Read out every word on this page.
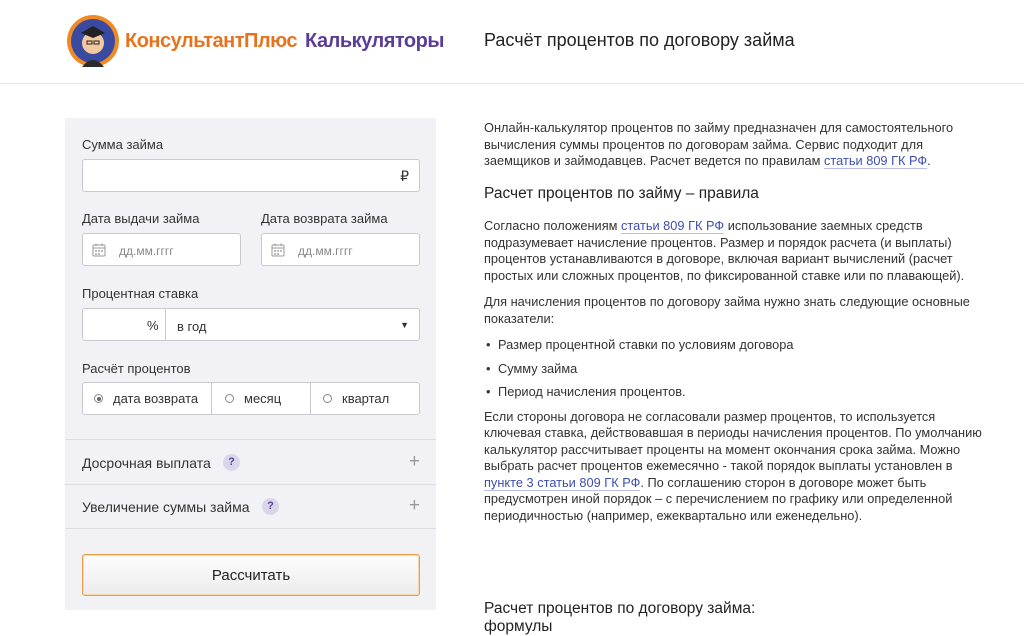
КонсультантПлюс Калькуляторы Расчёт процентов по договору займа
Сумма займа
₽
Дата выдачи займа
дд.мм.гггг
Дата возврата займа
дд.мм.гггг
Процентная ставка
% в год	▼
Расчёт процентов
дата возврата	месяц	квартал
Досрочная выплата	?	+
Увеличение суммы займа	?	+
Рассчитать

Онлайн-калькулятор процентов по займу предназначен для самостоятельного вычисления суммы процентов по договорам займа. Сервис подходит для заемщиков и займодавцев. Расчет ведется по правилам статьи 809 ГК РФ.

Расчет процентов по займу – правила

Согласно положениям статьи 809 ГК РФ использование заемных средств подразумевает начисление процентов. Размер и порядок расчета (и выплаты) процентов устанавливаются в договоре, включая вариант вычислений (расчет простых или сложных процентов, по фиксированной ставке или по плавающей).

Для начисления процентов по договору займа нужно знать следующие основные показатели:

• Размер процентной ставки по условиям договора
• Сумму займа
• Период начисления процентов.

Если стороны договора не согласовали размер процентов, то используется ключевая ставка, действовавшая в периоды начисления процентов. По умолчанию калькулятор рассчитывает проценты на момент окончания срока займа. Можно выбрать расчет процентов ежемесячно - такой порядок выплаты установлен в пункте 3 статьи 809 ГК РФ. По соглашению сторон в договоре может быть предусмотрен иной порядок – с перечислением по графику или определенной периодичностью (например, ежеквартально или еженедельно).

Расчет процентов по договору займа: формулы
